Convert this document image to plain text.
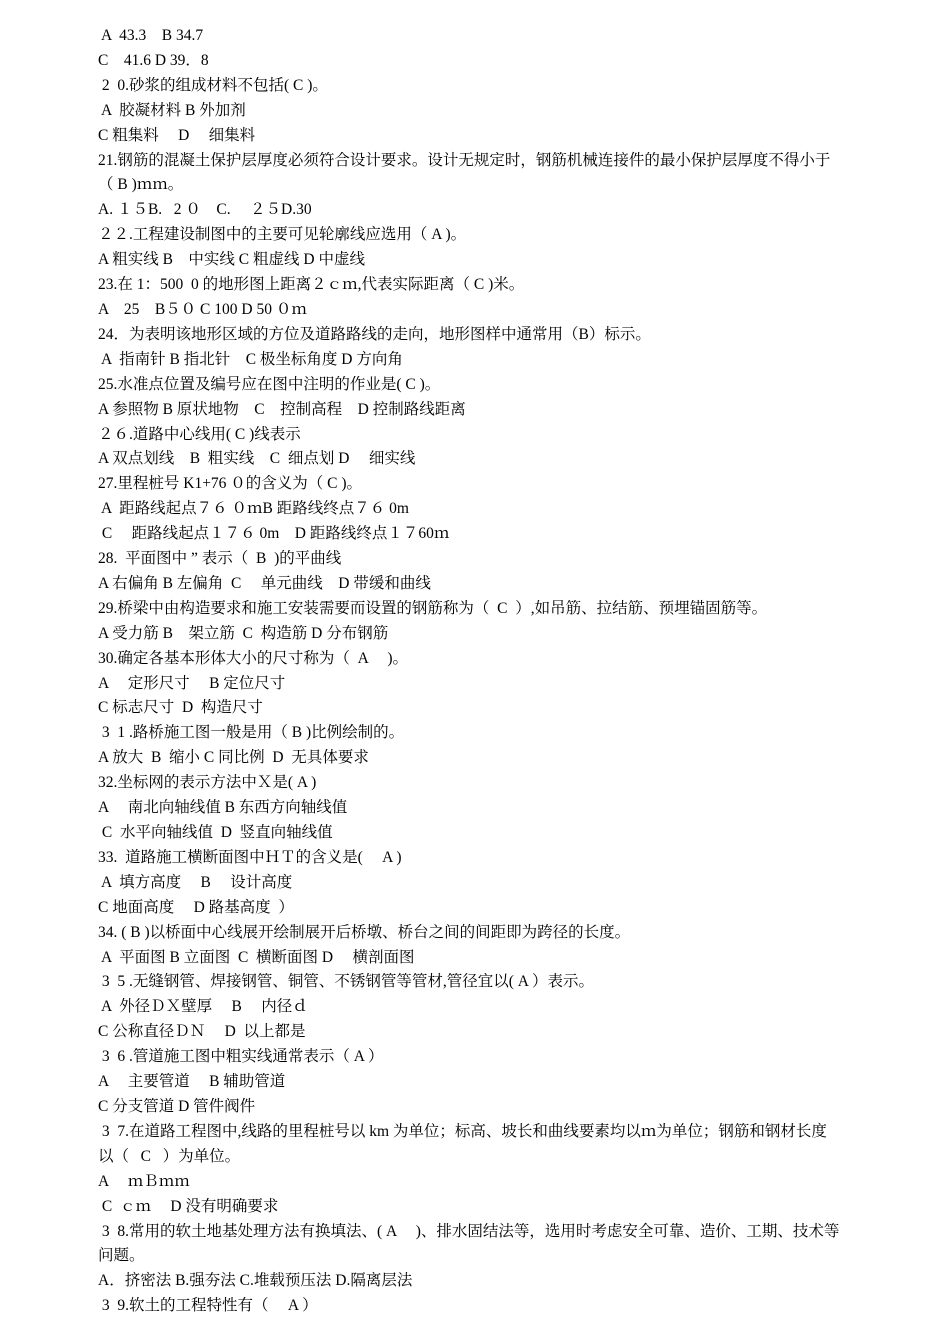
A  43.3    B 34.7
C    41.6 D 39．8
2  0.砂浆的组成材料不包括( C )。
A  胶凝材料 B 外加剂
C 粗集料     D     细集料
21.钢筋的混凝土保护层厚度必须符合设计要求。设计无规定时，钢筋机械连接件的最小保护层厚度不得小于
（ B )ｍｍ。
A. １５B.   2 ０    C.     ２５D.30
２２.工程建设制图中的主要可见轮廓线应选用（ A )。
A 粗实线 B    中实线 C 粗虚线 D 中虚线
23.在 1：500  0 的地形图上距离２ｃｍ,代表实际距离（ C )米。
A    25    B５０ C 100 D 50 ０ｍ
24．为表明该地形区域的方位及道路路线的走向，地形图样中通常用（B）标示。
A  指南针 B 指北针    C 极坐标角度 D 方向角
25.水准点位置及编号应在图中注明的作业是( C )。
A 参照物 B 原状地物    C    控制高程    D 控制路线距离
２６.道路中心线用( C )线表示
A 双点划线    B  粗实线    C  细点划 D     细实线
27.里程桩号 K1+76 ０的含义为（ C )。
A  距路线起点７６ ０ｍB 距路线终点７６ 0m
C     距路线起点１７６ 0m    D 距路线终点１７60ｍ
28.  平面图中 ” 表示（  B  )的平曲线
A 右偏角 B 左偏角  C     单元曲线    D 带缓和曲线
29.桥梁中由构造要求和施工安装需要而设置的钢筋称为（  C  ）,如吊筋、拉结筋、预埋锚固筋等。
A 受力筋 B    架立筋  C  构造筋 D 分布钢筋
30.确定各基本形体大小的尺寸称为（  A     )。
A     定形尺寸     B 定位尺寸
C 标志尺寸  D  构造尺寸
3  1 .路桥施工图一般是用（ B )比例绘制的。
A 放大  B  缩小 C 同比例  D  无具体要求
32.坐标网的表示方法中Ｘ是( A )
A     南北向轴线值 B 东西方向轴线值
C  水平向轴线值  D  竖直向轴线值
33.  道路施工横断面图中ＨＴ的含义是(     A )
A  填方高度     B     设计高度
C 地面高度     D 路基高度  ）
34. ( B )以桥面中心线展开绘制展开后桥墩、桥台之间的间距即为跨径的长度。
A  平面图 B 立面图  C  横断面图 D     横剖面图
3  5 .无缝钢管、焊接钢管、铜管、不锈钢管等管材,管径宜以( A ）表示。
A  外径ＤＸ壁厚     B     内径ｄ
C 公称直径ＤＮ     D  以上都是
3  6 .管道施工图中粗实线通常表示（ A ）
A     主要管道     B 辅助管道
C 分支管道 D 管件阀件
3  7.在道路工程图中,线路的里程桩号以 km 为单位；标高、坡长和曲线要素均以ｍ为单位；钢筋和钢材长度
以（   C   ）为单位。
A     ｍＢｍｍ
C  ｃｍ     D 没有明确要求
3  8.常用的软土地基处理方法有换填法、( A     )、排水固结法等，选用时考虑安全可靠、造价、工期、技术等
问题。
A．挤密法 B.强夯法 C.堆载预压法 D.隔离层法
3  9.软土的工程特性有（     A ）
